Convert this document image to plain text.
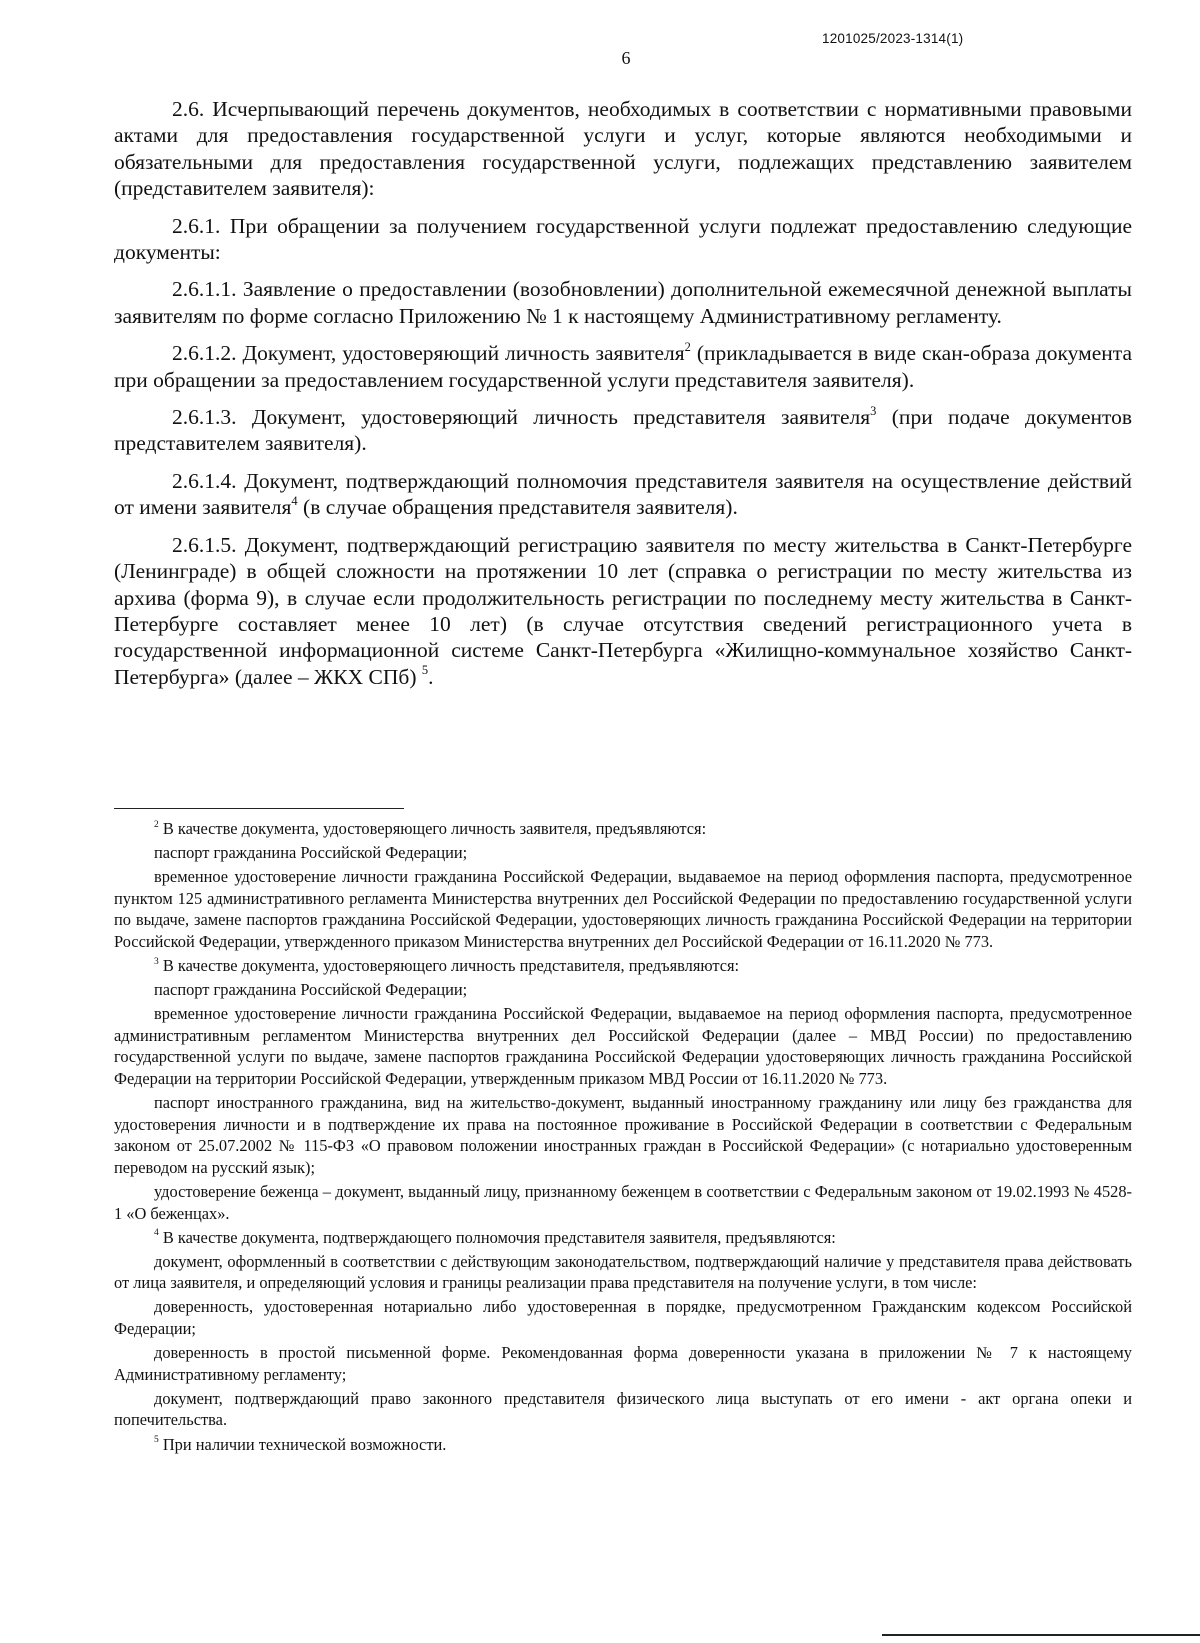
1201025/2023-1314(1)
6

2.6. Исчерпывающий перечень документов, необходимых в соответствии с нормативными правовыми актами для предоставления государственной услуги и услуг, которые являются необходимыми и обязательными для предоставления государственной услуги, подлежащих представлению заявителем (представителем заявителя):

2.6.1. При обращении за получением государственной услуги подлежат предоставлению следующие документы:

2.6.1.1. Заявление о предоставлении (возобновлении) дополнительной ежемесячной денежной выплаты заявителям по форме согласно Приложению № 1 к настоящему Административному регламенту.

2.6.1.2. Документ, удостоверяющий личность заявителя$^2$ (прикладывается в виде скан-образа документа при обращении за предоставлением государственной услуги представителя заявителя).

2.6.1.3. Документ, удостоверяющий личность представителя заявителя$^3$ (при подаче документов представителем заявителя).

2.6.1.4. Документ, подтверждающий полномочия представителя заявителя на осуществление действий от имени заявителя$^4$ (в случае обращения представителя заявителя).

2.6.1.5. Документ, подтверждающий регистрацию заявителя по месту жительства в Санкт-Петербурге (Ленинграде) в общей сложности на протяжении 10 лет (справка о регистрации по месту жительства из архива (форма 9), в случае если продолжительность регистрации по последнему месту жительства в Санкт-Петербурге составляет менее 10 лет) (в случае отсутствия сведений регистрационного учета в государственной информационной системе Санкт-Петербурга «Жилищно-коммунальное хозяйство Санкт-Петербурга» (далее – ЖКХ СПб) $^5$.

$^2$ В качестве документа, удостоверяющего личность заявителя, предъявляются:

паспорт гражданина Российской Федерации;

временное удостоверение личности гражданина Российской Федерации, выдаваемое на период оформления паспорта, предусмотренное пунктом 125 административного регламента Министерства внутренних дел Российской Федерации по предоставлению государственной услуги по выдаче, замене паспортов гражданина Российской Федерации, удостоверяющих личность гражданина Российской Федерации на территории Российской Федерации, утвержденного приказом Министерства внутренних дел Российской Федерации от 16.11.2020 № 773.

$^3$ В качестве документа, удостоверяющего личность представителя, предъявляются:

паспорт гражданина Российской Федерации;

временное удостоверение личности гражданина Российской Федерации, выдаваемое на период оформления паспорта, предусмотренное административным регламентом Министерства внутренних дел Российской Федерации (далее – МВД России) по предоставлению государственной услуги по выдаче, замене паспортов гражданина Российской Федерации удостоверяющих личность гражданина Российской Федерации на территории Российской Федерации, утвержденным приказом МВД России от 16.11.2020 № 773.

паспорт иностранного гражданина, вид на жительство-документ, выданный иностранному гражданину или лицу без гражданства для удостоверения личности и в подтверждение их права на постоянное проживание в Российской Федерации в соответствии с Федеральным законом от 25.07.2002 № 115-ФЗ «О правовом положении иностранных граждан в Российской Федерации» (с нотариально удостоверенным переводом на русский язык);

удостоверение беженца – документ, выданный лицу, признанному беженцем в соответствии с Федеральным законом от 19.02.1993 № 4528-1 «О беженцах».

$^4$ В качестве документа, подтверждающего полномочия представителя заявителя, предъявляются:

документ, оформленный в соответствии с действующим законодательством, подтверждающий наличие у представителя права действовать от лица заявителя, и определяющий условия и границы реализации права представителя на получение услуги, в том числе:

доверенность, удостоверенная нотариально либо удостоверенная в порядке, предусмотренном Гражданским кодексом Российской Федерации;

доверенность в простой письменной форме. Рекомендованная форма доверенности указана в приложении № 7 к настоящему Административному регламенту;

документ, подтверждающий право законного представителя физического лица выступать от его имени - акт органа опеки и попечительства.

$^5$ При наличии технической возможности.
